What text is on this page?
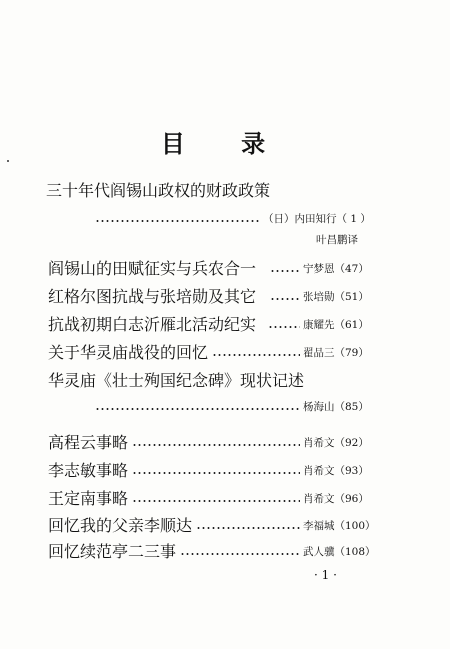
目 录
三十年代阎锡山政权的财政政策
（日）内田知行（ 1 ）
叶昌鹏译
阎锡山的田赋征实与兵农合一	宁梦恩（47）
红格尔图抗战与张培勋及其它	张培勋（51）
抗战初期白志沂雁北活动纪实	康耀先（61）
关于华灵庙战役的回忆	翟品三（79）
华灵庙《壮士殉国纪念碑》现状记述
杨海山（85）
高程云事略	肖希文（92）
李志敏事略	肖希文（93）
王定南事略	肖希文（96）
回忆我的父亲李顺达	李福城（100）
回忆续范亭二三事	武人骥（108）
· 1 ·
